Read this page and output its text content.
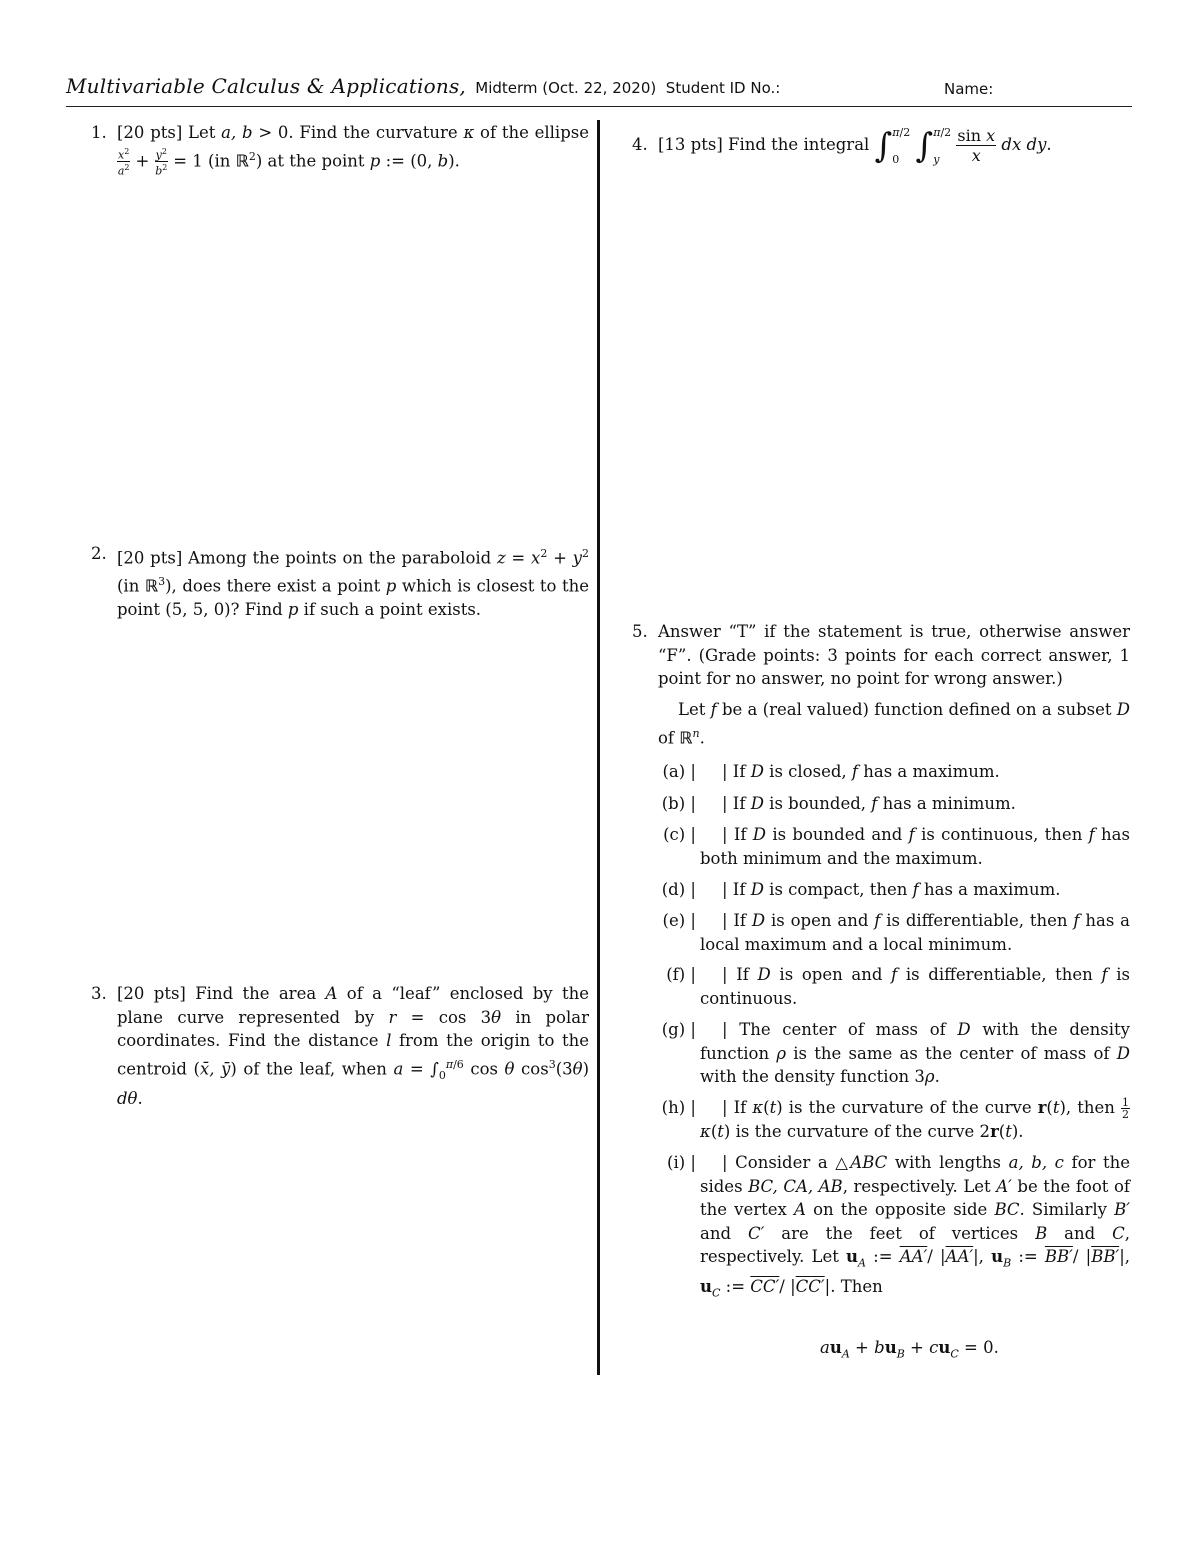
Multivariable Calculus & Applications, Midterm (Oct. 22, 2020) Student ID No.:	Name:
1. [20 pts] Let a, b > 0. Find the curvature κ of the ellipse
$\frac{x^2}{a^2} + \frac{y^2}{b^2} = 1$ (in ℝ$^2$) at the point p := (0, b).
2. [20 pts] Among the points on the paraboloid $z = x^2 + y^2$ (in ℝ$^3$), does there exist a point p which is closest to the point (5, 5, 0)? Find p if such a point exists.
3. [20 pts] Find the area A of a “leaf” enclosed by the plane curve represented by r = cos 3θ in polar coordinates. Find the distance l from the origin to the centroid (x̄, ȳ) of the leaf, when $a = \int_0^{\pi/6}$ cos θ $\cos^3(3\theta)$ dθ.
4. [13 pts] Find the integral ∫ π/2
0 ∫ π/2
y
	$\frac{\text{sin x}}{x}$ dx dy.
5. Answer “T” if the statement is true, otherwise answer “F”. (Grade points: 3 points for each correct answer, 1 point for no answer, no point for wrong answer.)
Let f be a (real valued) function defined on a subset D of ℝ$^n$.
(a) | | If D is closed, f has a maximum.
(b) | | If D is bounded, f has a minimum.
(c) | | If D is bounded and f is continuous, then f has both minimum and the maximum.
(d) | | If D is compact, then f has a maximum.
(e) | | If D is open and f is differentiable, then f has a local maximum and a local minimum.
(f) | | If D is open and f is differentiable, then f is continuous.
(g) | | The center of mass of D with the density function ρ is the same as the center of mass of D with the density function 3ρ.
(h) | | If κ(t) is the curvature of the curve r(t), then $\frac{1}{2}$
κ(t) is the curvature of the curve 2r(t).
(i) | | Consider a △ABC with lengths a, b, c for the sides BC, CA, AB, respectively. Let A′ be the foot of the vertex A on the opposite side BC. Similarly B′ and C′ are the feet of vertices B and C, respectively. Let $u_A$ := AA′/ |AA′|, $u_B$ := BB′/ |BB′|, $u_C$ := CC′/ |CC′|. Then
$au_A + bu_B + cu_C = 0$.
